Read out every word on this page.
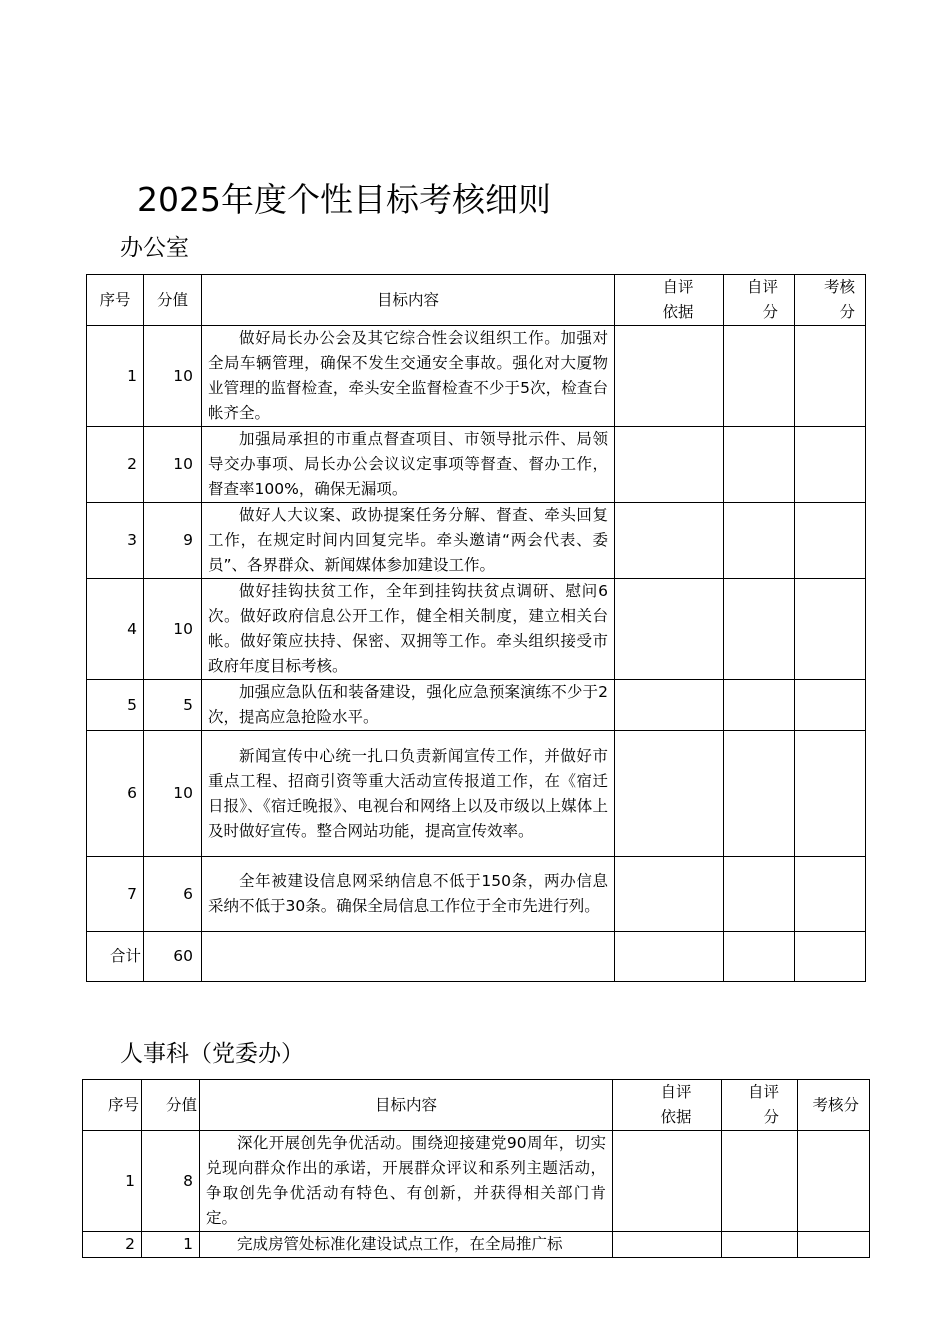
2025年度个性目标考核细则
办公室
序号	分值	目标内容	自评依据	自评分	考核分
1	10	做好局长办公会及其它综合性会议组织工作。加强对全局车辆管理，确保不发生交通安全事故。强化对大厦物业管理的监督检查，牵头安全监督检查不少于5次，检查台帐齐全。			
2	10	加强局承担的市重点督查项目、市领导批示件、局领导交办事项、局长办公会议议定事项等督查、督办工作，督查率100%，确保无漏项。			
3	9	做好人大议案、政协提案任务分解、督查、牵头回复工作，在规定时间内回复完毕。牵头邀请“两会代表、委员”、各界群众、新闻媒体参加建设工作。			
4	10	做好挂钩扶贫工作，全年到挂钩扶贫点调研、慰问6次。做好政府信息公开工作，健全相关制度，建立相关台帐。做好策应扶持、保密、双拥等工作。牵头组织接受市政府年度目标考核。			
5	5	加强应急队伍和装备建设，强化应急预案演练不少于2次，提高应急抢险水平。			
6	10	新闻宣传中心统一扎口负责新闻宣传工作，并做好市重点工程、招商引资等重大活动宣传报道工作，在《宿迁日报》、《宿迁晚报》、电视台和网络上以及市级以上媒体上及时做好宣传。整合网站功能，提高宣传效率。			
7	6	全年被建设信息网采纳信息不低于150条，两办信息采纳不低于30条。确保全局信息工作位于全市先进行列。			
合计	60				
人事科（党委办）
序号	分值	目标内容	自评依据	自评分	考核分
1	8	深化开展创先争优活动。围绕迎接建党90周年，切实兑现向群众作出的承诺，开展群众评议和系列主题活动，争取创先争优活动有特色、有创新，并获得相关部门肯定。			
2	1	完成房管处标准化建设试点工作，在全局推广标			
